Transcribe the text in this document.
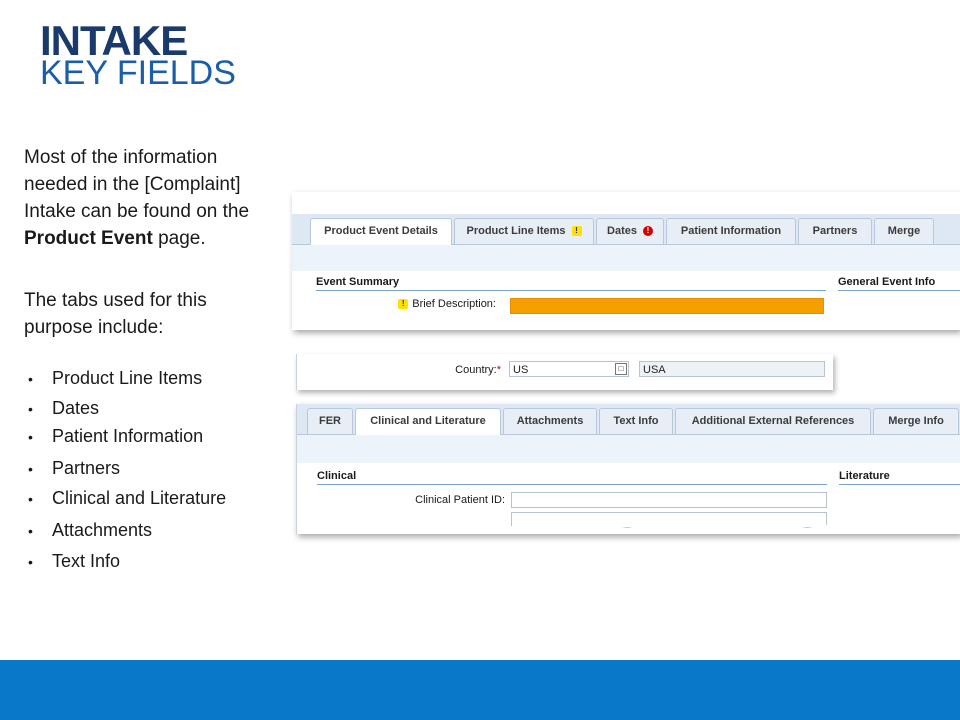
INTAKE
KEY FIELDS

Most of the information needed in the [Complaint] Intake can be found on the Product Event page.

The tabs used for this purpose include:

• Product Line Items
• Dates
• Patient Information
• Partners
• Clinical and Literature
• Attachments
• Text Info
Product Event Details	Product Line Items !	Dates !	Patient Information	Partners	Merge
Event Summary	General Event Info
! Brief Description:
Country:*	US	□	USA
FER	Clinical and Literature	Attachments	Text Info	Additional External References	Merge Info
Clinical	Literature
Clinical Patient ID:
